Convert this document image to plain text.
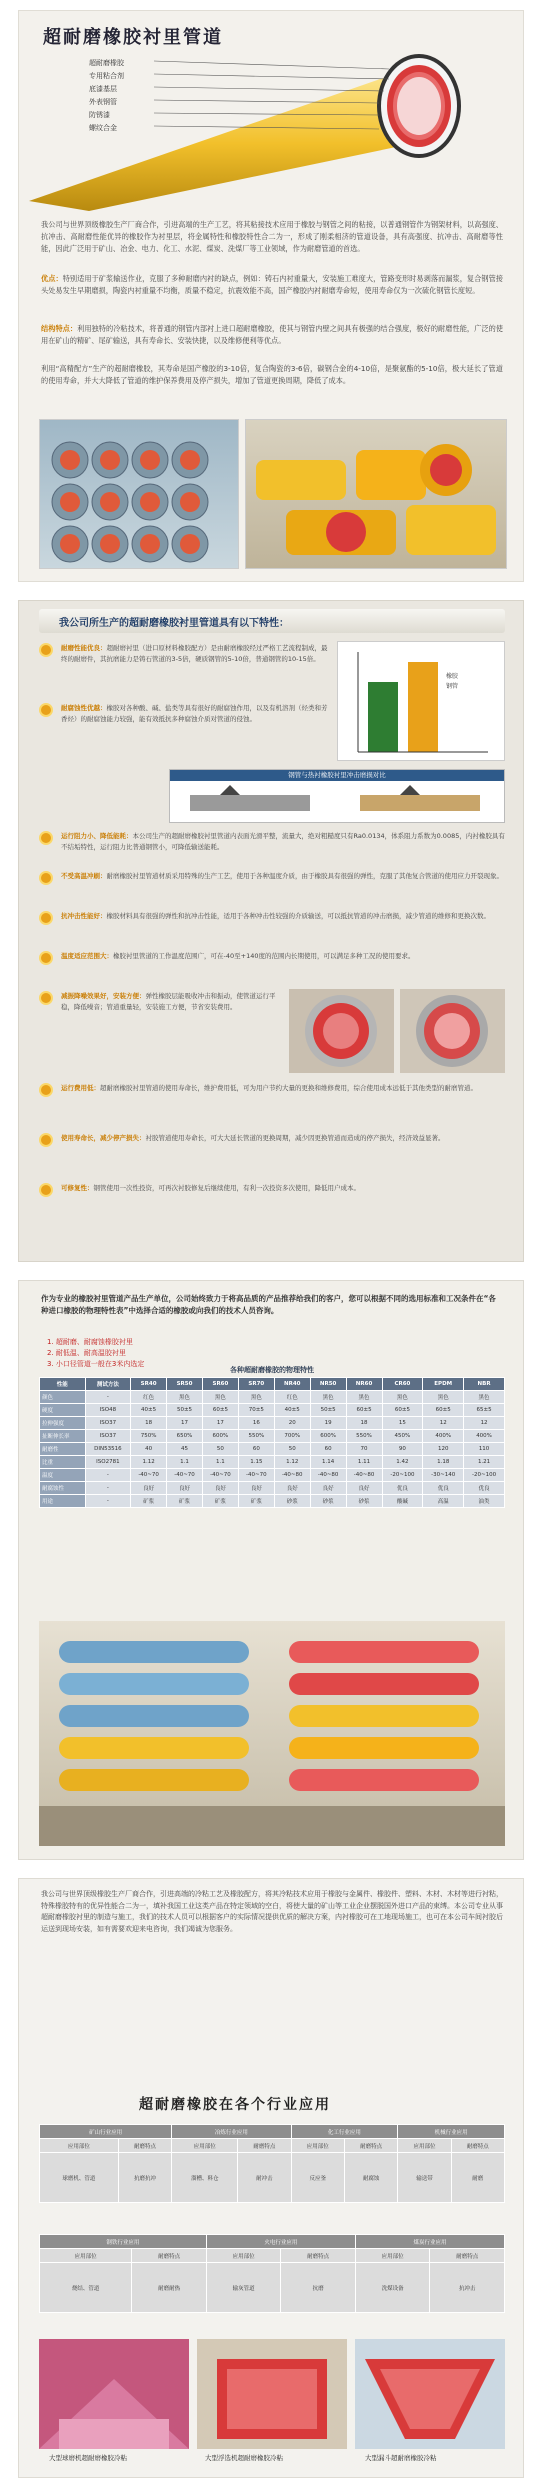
超耐磨橡胶衬里管道
超耐磨橡胶
专用粘合剂
底漆基层
外表钢管
防锈漆
螺纹合金
我公司与世界顶级橡胶生产厂商合作，引进高端的生产工艺，将其粘接技术应用于橡胶与钢管之间的粘接，以普通钢管作为钢架材料，以高强度、抗冲击、高耐磨性能优异的橡胶作为衬里层，将金属特性和橡胶特性合二为一，形成了刚柔相济的管道设备，具有高强度、抗冲击、高耐磨等性能，因此广泛用于矿山、冶金、电力、化工、水泥、煤炭、洗煤厂等工业领域，作为耐磨管道的首选。
优点：特别适用于矿浆输送作业，克服了多种耐磨内衬的缺点，例如：铸石内衬重量大，安装施工难度大，管路变形时易剥落而漏浆，复合钢管接头处易发生早期磨损，陶瓷内衬重量不均衡，质量不稳定，抗震效能不高，国产橡胶内衬耐磨寿命短，使用寿命仅为一次硫化钢管长度短。
结构特点：利用独特的冷粘技术，将普通的钢管内部衬上进口超耐磨橡胶，使其与钢管内壁之间具有极强的结合强度，极好的耐磨性能，广泛的使用在矿山的精矿、尾矿输送，具有寿命长、安装快捷，以及维修便利等优点。
利用“高精配方”生产的超耐磨橡胶，其寿命是国产橡胶的3-10倍，复合陶瓷的3-6倍，碳钢合金的4-10倍，是聚氨酯的5-10倍，极大延长了管道的使用寿命，并大大降低了管道的维护保养费用及停产损失，增加了管道更换周期，降低了成本。
我公司所生产的超耐磨橡胶衬里管道具有以下特性：
耐磨性能优良：超耐磨衬里（进口原材料橡胶配方）是由耐磨橡胶经过严格工艺流程制成，最终的耐磨件，其抗磨能力是铸石管道的3-5倍，硬质钢管的5-10倍，普通钢管的10-15倍。
耐腐蚀性优越：橡胶对各种酸、碱、盐类等具有很好的耐腐蚀作用，以及有机溶剂（烃类和芳香烃）的耐腐蚀能力较强，能有效抵抗多种腐蚀介质对管道的侵蚀。
橡胶
钢管
钢管与热衬橡胶衬里冲击磨损对比
运行阻力小、降低能耗：本公司生产的超耐磨橡胶衬里管道内表面光滑平整，流量大，绝对粗糙度只有Ra0.0134，体系阻力系数为0.0085，内衬橡胶具有不结垢特性，运行阻力比普通钢管小，可降低输送能耗。
不受高温冲刷：耐磨橡胶衬里管道材质采用特殊的生产工艺，使用于各种温度介质，由于橡胶具有很强的弹性，克服了其他复合管道的使用应力开裂现象。
抗冲击性能好：橡胶材料具有很强的弹性和抗冲击性能，适用于各种冲击性较强的介质输送，可以抵抗管道的冲击磨损，减少管道的维修和更换次数。
温度适应范围大：橡胶衬里管道的工作温度范围广，可在-40至+140度的范围内长期使用，可以满足多种工况的使用要求。
减振降噪效果好，安装方便：弹性橡胶层能吸收冲击和振动，使管道运行平稳，降低噪音；管道重量轻，安装施工方便，节省安装费用。
运行费用低：超耐磨橡胶衬里管道的使用寿命长，维护费用低，可为用户节约大量的更换和维修费用，综合使用成本远低于其他类型的耐磨管道。
使用寿命长，减少停产损失：衬胶管道使用寿命长，可大大延长管道的更换周期，减少因更换管道而造成的停产损失，经济效益显著。
可修复性：钢管使用一次性投资，可再次衬胶修复后继续使用，有利一次投资多次使用，降低用户成本。
作为专业的橡胶衬里管道产品生产单位，公司始终致力于将高品质的产品推荐给我们的客户，您可以根据不同的选用标准和工况条件在“各种进口橡胶的物理特性表”中选择合适的橡胶或向我们的技术人员咨询。
1. 超耐磨、耐腐蚀橡胶衬里
2. 耐低温、耐高温胶衬里
3. 小口径管道一般在3米内选定
各种超耐磨橡胶的物理特性
性能	测试方法	SR40	SR50	SR60	SR70	NR40	NR50	NR60	CR60	EPDM	NBR
颜色	-	红色	黑色	黑色	黑色	红色	黑色	黑色	黑色	黑色	黑色
硬度	ISO48	40±5	50±5	60±5	70±5	40±5	50±5	60±5	60±5	60±5	65±5
拉伸强度	ISO37	18	17	17	16	20	19	18	15	12	12
扯断伸长率	ISO37	750%	650%	600%	550%	700%	600%	550%	450%	400%	400%
耐磨性	DIN53516	40	45	50	60	50	60	70	90	120	110
比重	ISO2781	1.12	1.1	1.1	1.15	1.12	1.14	1.11	1.42	1.18	1.21
温度	-	-40~70	-40~70	-40~70	-40~70	-40~80	-40~80	-40~80	-20~100	-30~140	-20~100
耐腐蚀性	-	良好	良好	良好	良好	良好	良好	良好	优良	优良	优良
用途	-	矿浆	矿浆	矿浆	矿浆	砂浆	砂浆	砂浆	酸碱	高温	油类
我公司与世界顶级橡胶生产厂商合作，引进高端的冷粘工艺及橡胶配方，将其冷粘技术应用于橡胶与金属件、橡胶件、塑料、木材、木材等进行衬粘，特殊橡胶特有的优异性能合二为一，填补我国工业这类产品在特定领域的空白，将使大量的矿山等工业企业摆脱国外进口产品的束缚。本公司专业从事超耐磨橡胶衬里的制造与施工，我们的技术人员可以根据客户的实际情况提供优质的解决方案，内衬橡胶可在工地现场施工，也可在本公司车间衬胶后运送到现场安装，如有需要欢迎来电咨询，我们竭诚为您服务。
超耐磨橡胶在各个行业应用
矿山行业应用		冶炼行业应用		化工行业应用		机械行业应用	
应用部位	耐磨特点	应用部位	耐磨特点	应用部位	耐磨特点	应用部位	耐磨特点
球磨机、管道	抗磨抗冲	溜槽、料仓	耐冲击	反应釜	耐腐蚀	输送带	耐磨
钢铁行业应用		火电行业应用		煤炭行业应用	
应用部位	耐磨特点	应用部位	耐磨特点	应用部位	耐磨特点
烧结、管道	耐磨耐热	输灰管道	抗磨	洗煤设备	抗冲击
大型球磨机超耐磨橡胶冷粘	大型浮选机超耐磨橡胶冷粘	大型漏斗超耐磨橡胶冷粘
